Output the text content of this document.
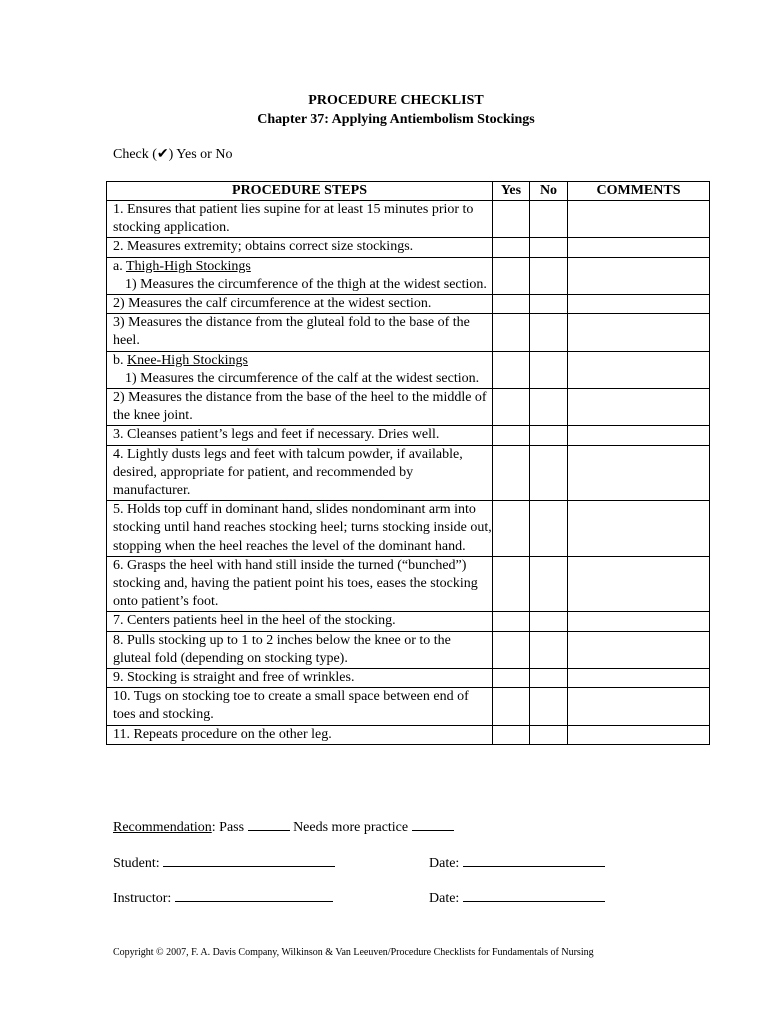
PROCEDURE CHECKLIST
Chapter 37: Applying Antiembolism Stockings
Check (✔) Yes or No
PROCEDURE STEPS	Yes	No	COMMENTS
1. Ensures that patient lies supine for at least 15 minutes prior to stocking application.			
2. Measures extremity; obtains correct size stockings.			
a. Thigh-High Stockings
1) Measures the circumference of the thigh at the widest section.			

2) Measures the calf circumference at the widest section.			
3) Measures the distance from the gluteal fold to the base of the heel.			
b. Knee-High Stockings
1) Measures the circumference of the calf at the widest section.			

2) Measures the distance from the base of the heel to the middle of the knee joint.			
3. Cleanses patient’s legs and feet if necessary. Dries well.			
4. Lightly dusts legs and feet with talcum powder, if available, desired, appropriate for patient, and recommended by manufacturer.			
5. Holds top cuff in dominant hand, slides nondominant arm into stocking until hand reaches stocking heel; turns stocking inside out, stopping when the heel reaches the level of the dominant hand.			
6. Grasps the heel with hand still inside the turned (“bunched”) stocking and, having the patient point his toes, eases the stocking onto patient’s foot.			
7. Centers patients heel in the heel of the stocking.			
8. Pulls stocking up to 1 to 2 inches below the knee or to the gluteal fold (depending on stocking type).			
9. Stocking is straight and free of wrinkles.			
10. Tugs on stocking toe to create a small space between end of toes and stocking.			
11. Repeats procedure on the other leg.			
Recommendation: Pass	Needs more practice
Student:	Date:
Instructor:	Date:
Copyright © 2007, F. A. Davis Company, Wilkinson & Van Leeuven/Procedure Checklists for Fundamentals of Nursing
